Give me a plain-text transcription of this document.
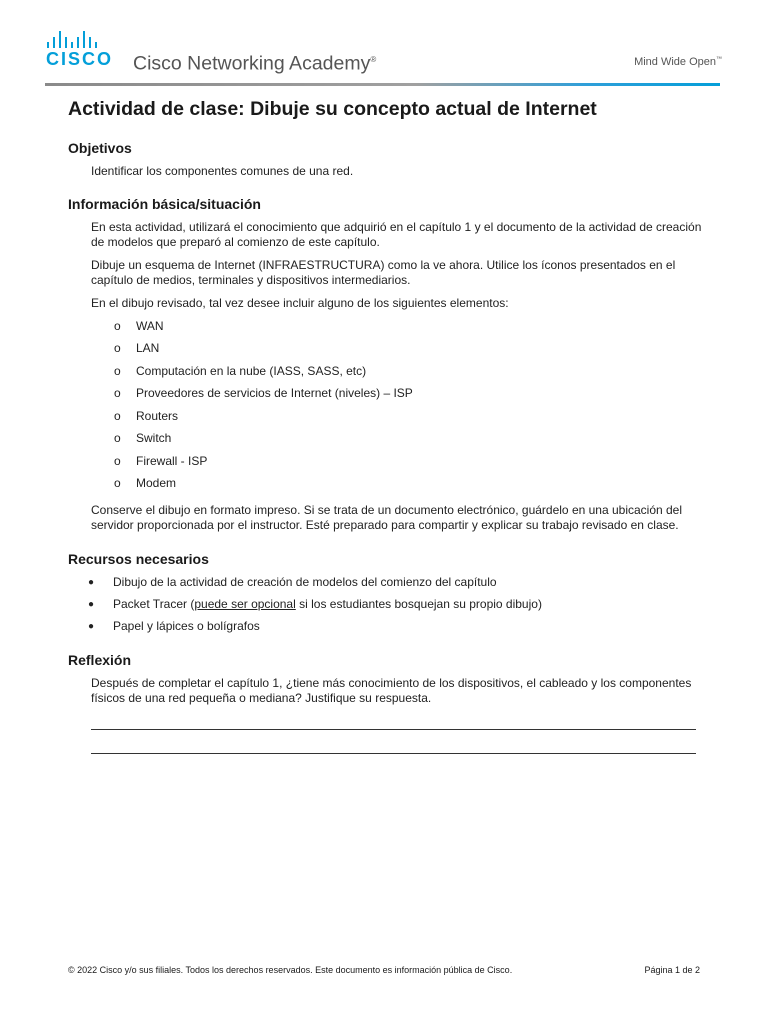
CISCO Cisco Networking Academy®	Mind Wide Open™
Actividad de clase: Dibuje su concepto actual de Internet
Objetivos

Identificar los componentes comunes de una red.

Información básica/situación

En esta actividad, utilizará el conocimiento que adquirió en el capítulo 1 y el documento de la actividad de creación de modelos que preparó al comienzo de este capítulo.

Dibuje un esquema de Internet (INFRAESTRUCTURA) como la ve ahora. Utilice los íconos presentados en el capítulo de medios, terminales y dispositivos intermediarios.

En el dibujo revisado, tal vez desee incluir alguno de los siguientes elementos:

o	WAN
o	LAN
o	Computación en la nube (IASS, SASS, etc)
o	Proveedores de servicios de Internet (niveles) – ISP
o	Routers
o	Switch
o	Firewall - ISP
o	Modem

Conserve el dibujo en formato impreso. Si se trata de un documento electrónico, guárdelo en una ubicación del servidor proporcionada por el instructor. Esté preparado para compartir y explicar su trabajo revisado en clase.

Recursos necesarios
●	Dibujo de la actividad de creación de modelos del comienzo del capítulo
●	Packet Tracer (puede ser opcional si los estudiantes bosquejan su propio dibujo)
●	Papel y lápices o bolígrafos
Reflexión

Después de completar el capítulo 1, ¿tiene más conocimiento de los dispositivos, el cableado y los componentes físicos de una red pequeña o mediana? Justifique su respuesta.

© 2022 Cisco y/o sus filiales. Todos los derechos reservados. Este documento es información pública de Cisco.	Página 1 de 2
